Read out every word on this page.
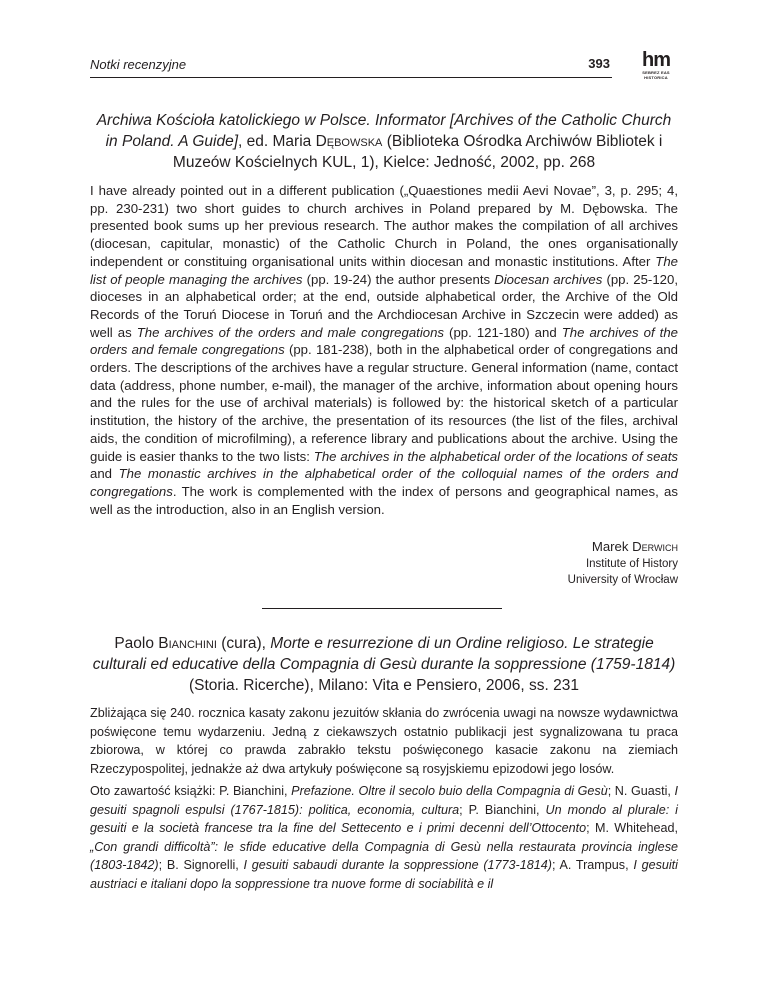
Notki recenzyjne	393	hm
SEBREZ EAS
HISTORICA
Archiwa Kościoła katolickiego w Polsce. Informator [Archives of the Catholic Church in Poland. A Guide], ed. Maria Dębowska (Biblioteka Ośrodka Archiwów Bibliotek i Muzeów Kościelnych KUL, 1), Kielce: Jedność, 2002, pp. 268

I have already pointed out in a different publication („Quaestiones medii Aevi Novae”, 3, p. 295; 4, pp. 230-231) two short guides to church archives in Poland prepared by M. Dębowska. The presented book sums up her previous research. The author makes the compilation of all archives (diocesan, capitular, monastic) of the Catholic Church in Poland, the ones organisationally independent or constituing organisational units within diocesan and monastic institutions. After The list of people managing the archives (pp. 19-24) the author presents Diocesan archives (pp. 25-120, dioceses in an alphabetical order; at the end, outside alphabetical order, the Archive of the Old Records of the Toruń Diocese in Toruń and the Archdiocesan Archive in Szczecin were added) as well as The archives of the orders and male congregations (pp. 121-180) and The archives of the orders and female congregations (pp. 181-238), both in the alphabetical order of congregations and orders. The descriptions of the archives have a regular structure. General information (name, contact data (address, phone number, e-mail), the manager of the archive, information about opening hours and the rules for the use of archival materials) is followed by: the historical sketch of a particular institution, the history of the archive, the presentation of its resources (the list of the files, archival aids, the condition of microfilming), a reference library and publications about the archive. Using the guide is easier thanks to the two lists: The archives in the alphabetical order of the locations of seats and The monastic archives in the alphabetical order of the colloquial names of the orders and congregations. The work is complemented with the index of persons and geographical names, as well as the introduction, also in an English version.

Marek Derwich
Institute of History
University of Wrocław
Paolo Bianchini (cura), Morte e resurrezione di un Ordine religioso. Le strategie culturali ed educative della Compagnia di Gesù durante la soppressione (1759-1814) (Storia. Ricerche), Milano: Vita e Pensiero, 2006, ss. 231

Zbliżająca się 240. rocznica kasaty zakonu jezuitów skłania do zwrócenia uwagi na nowsze wydawnictwa poświęcone temu wydarzeniu. Jedną z ciekawszych ostatnio publikacji jest sygnalizowana tu praca zbiorowa, w której co prawda zabrakło tekstu poświęconego kasacie zakonu na ziemiach Rzeczypospolitej, jednakże aż dwa artykuły poświęcone są rosyjskiemu epizodowi jego losów.

Oto zawartość książki: P. Bianchini, Prefazione. Oltre il secolo buio della Compagnia di Gesù; N. Guasti, I gesuiti spagnoli espulsi (1767-1815): politica, economia, cultura; P. Bianchini, Un mondo al plurale: i gesuiti e la società francese tra la fine del Settecento e i primi decenni dell’Ottocento; M. Whitehead, „Con grandi difficoltà”: le sfide educative della Compagnia di Gesù nella restaurata provincia inglese (1803-1842); B. Signorelli, I gesuiti sabaudi durante la soppressione (1773-1814); A. Trampus, I gesuiti austriaci e italiani dopo la soppressione tra nuove forme di sociabilità e il
